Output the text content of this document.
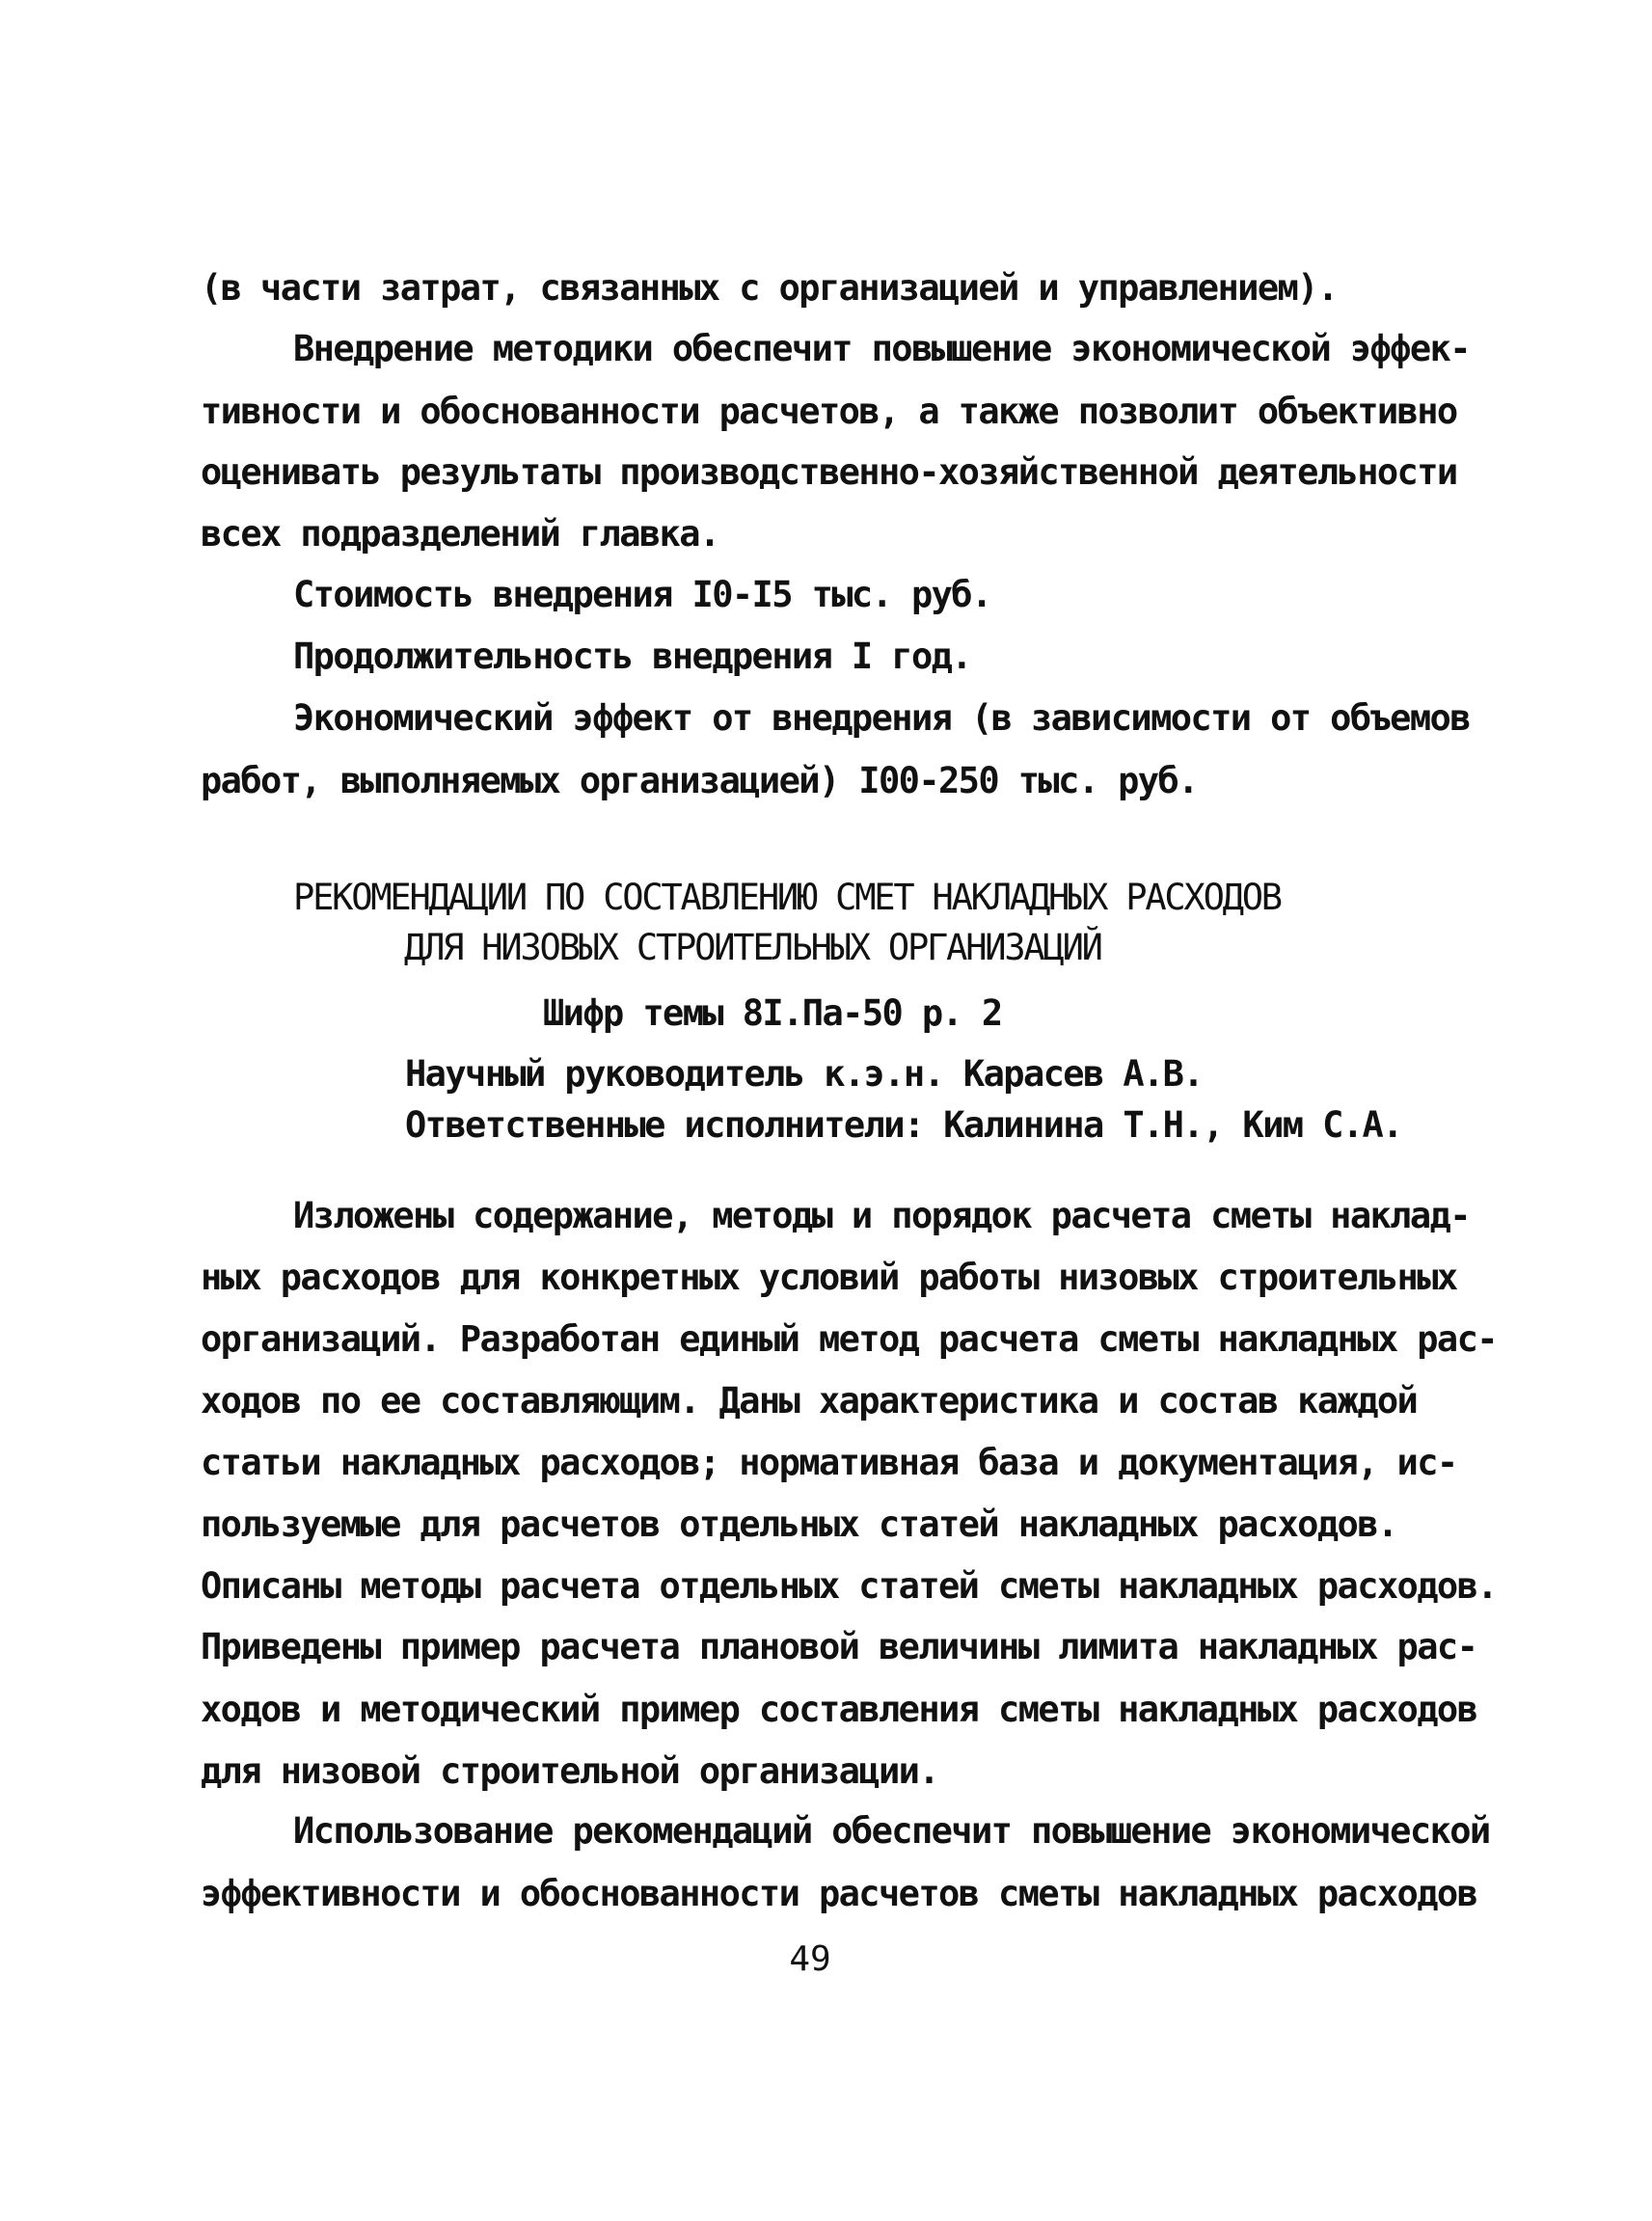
(в части затрат, связанных с организацией и управлением).
Внедрение методики обеспечит повышение экономической эффек-
тивности и обоснованности расчетов, а также позволит объективно
оценивать результаты производственно-хозяйственной деятельности
всех подразделений главка.
Стоимость внедрения I0-I5 тыс. руб.
Продолжительность внедрения I год.
Экономический эффект от внедрения (в зависимости от объемов
работ, выполняемых организацией) I00-250 тыс. руб.
РЕКОМЕНДАЦИИ ПО СОСТАВЛЕНИЮ СМЕТ НАКЛАДНЫХ РАСХОДОВ
ДЛЯ НИЗОВЫХ СТРОИТЕЛЬНЫХ ОРГАНИЗАЦИЙ
Шифр темы 8I.Па-50 р. 2
Научный руководитель к.э.н. Карасев А.В.
Ответственные исполнители: Калинина Т.Н., Ким С.А.
Изложены содержание, методы и порядок расчета сметы наклад-
ных расходов для конкретных условий работы низовых строительных
организаций. Разработан единый метод расчета сметы накладных рас-
ходов по ее составляющим. Даны характеристика и состав каждой
статьи накладных расходов; нормативная база и документация, ис-
пользуемые для расчетов отдельных статей накладных расходов.
Описаны методы расчета отдельных статей сметы накладных расходов.
Приведены пример расчета плановой величины лимита накладных рас-
ходов и методический пример составления сметы накладных расходов
для низовой строительной организации.
Использование рекомендаций обеспечит повышение экономической
эффективности и обоснованности расчетов сметы накладных расходов
49
